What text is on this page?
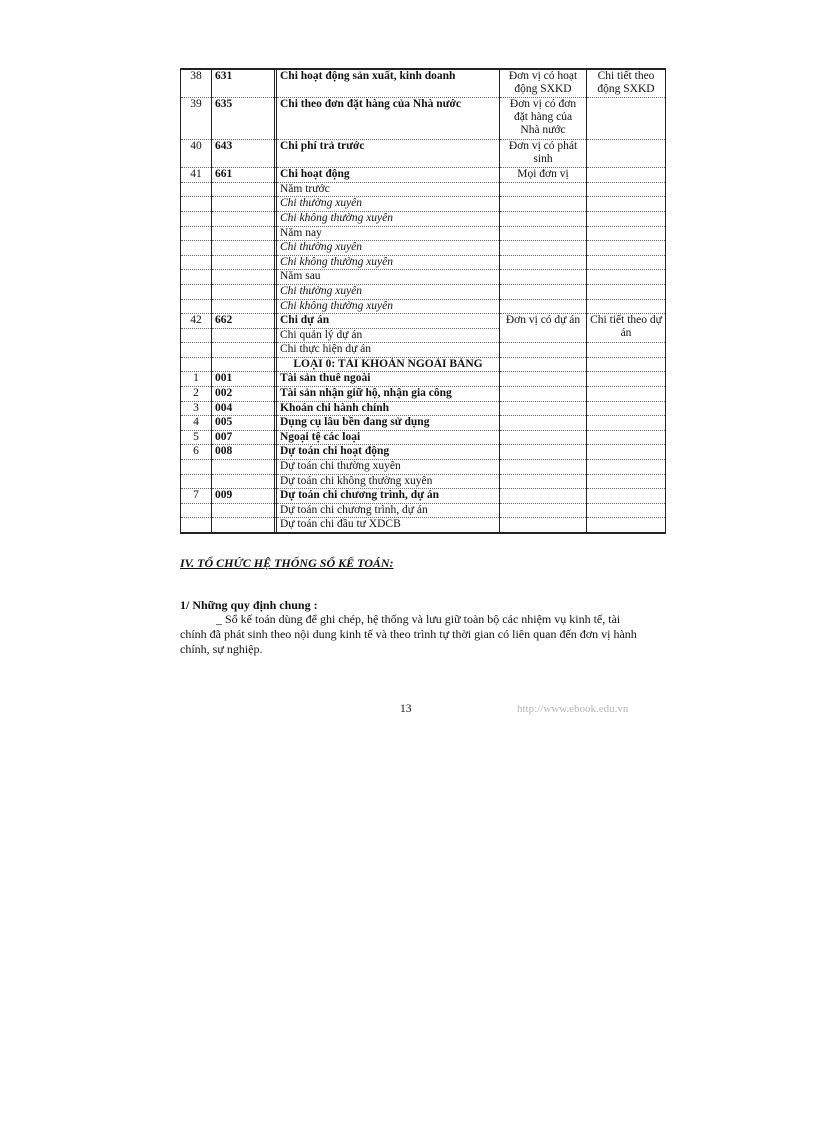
38	631		Chi hoạt động sản xuất, kinh doanh	Đơn vị có hoạt động SXKD	Chi tiết theo động SXKD
39	635		Chi theo đơn đặt hàng của Nhà nước	Đơn vị có đơn đặt hàng của Nhà nước	
40	643		Chi phí trả trước	Đơn vị có phát sinh	
41	661		Chi hoạt động	Mọi đơn vị	
			Năm trước		
			Chi thường xuyên		
			Chi không thường xuyên		
			Năm nay		
			Chi thường xuyên		
			Chi không thường xuyên		
			Năm sau		
			Chi thường xuyên		
			Chi không thường xuyên		
42	662		Chi dự án	Đơn vị có dự án	Chi tiết theo dự án
			Chi quản lý dự án		
			Chi thực hiện dự án		
			LOẠI 0: TÀI KHOẢN NGOÀI BẢNG		
1	001		Tài sản thuê ngoài		
2	002		Tài sản nhận giữ hộ, nhận gia công		
3	004		Khoán chi hành chính		
4	005		Dụng cụ lâu bền đang sử dụng		
5	007		Ngoại tệ các loại		
6	008		Dự toán chi hoạt động		
			Dự toán chi thường xuyên		
			Dự toán chi không thường xuyên		
7	009		Dự toán chi chương trình, dự án		
			Dự toán chi chương trình, dự án		
			Dự toán chi đầu tư XDCB		
IV. TỔ CHỨC HỆ THỐNG SỔ KẾ TOÁN:
1/ Những quy định chung :
_ Sổ kế toán dùng để ghi chép, hệ thống và lưu giữ toàn bộ các nhiệm vụ kinh tế, tài chính đã phát sinh theo nội dung kinh tế và theo trình tự thời gian có liên quan đến đơn vị hành chính, sự nghiệp.
13	http://www.ebook.edu.vn
